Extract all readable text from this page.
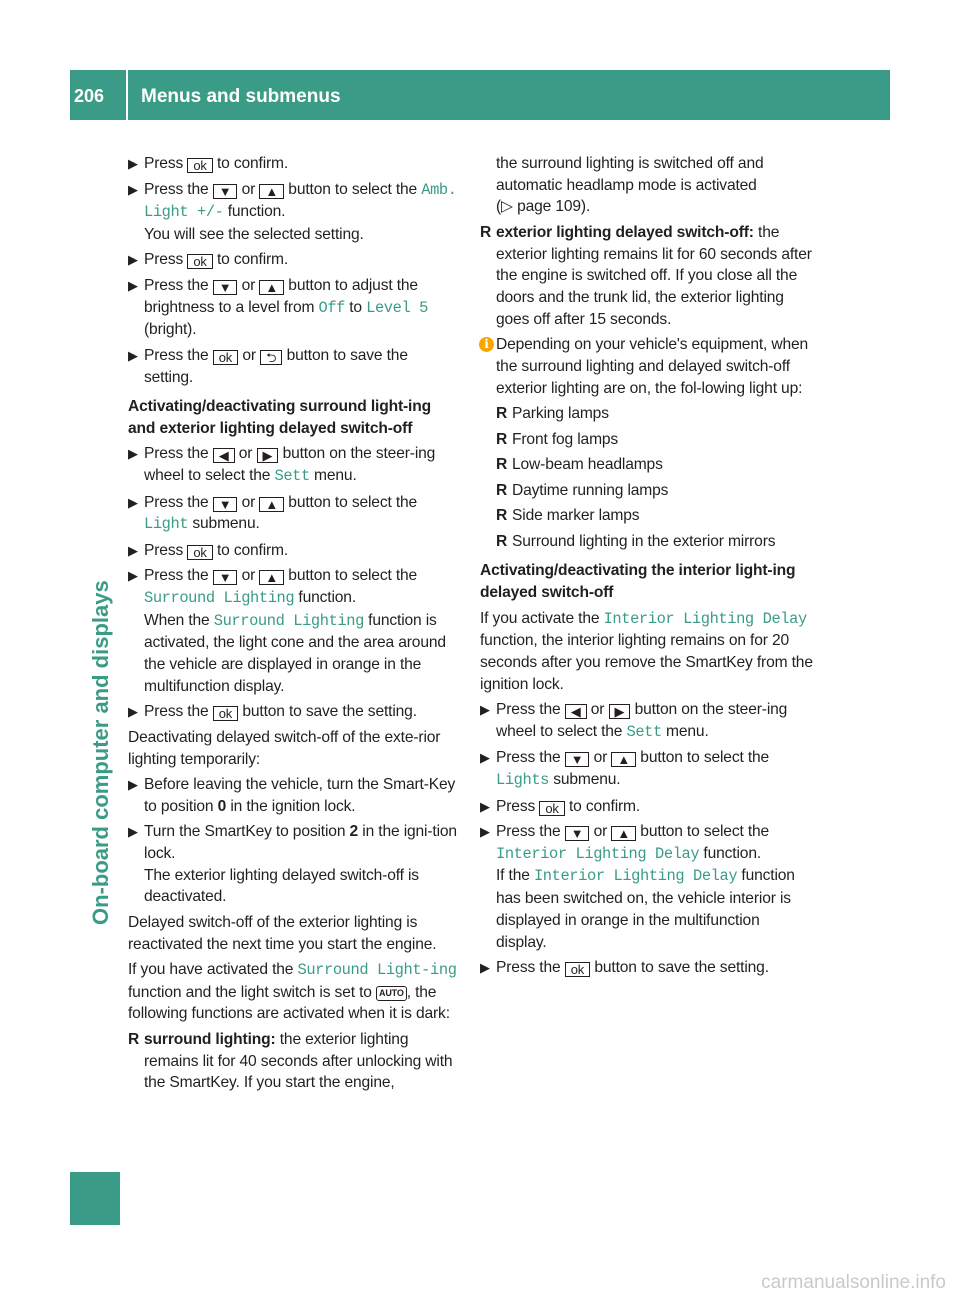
206	Menus and submenus
On-board computer and displays
▶ Press ok to confirm.
▶ Press the ▼ or ▲ button to select the Amb. Light +/- function.
You will see the selected setting.
▶ Press ok to confirm.
▶ Press the ▼ or ▲ button to adjust the brightness to a level from Off to Level 5
(bright).
▶ Press the ok or ⮌ button to save the setting.
Activating/deactivating surround light-ing and exterior lighting delayed switch-off
▶ Press the ◀ or ▶ button on the steer-ing wheel to select the Sett menu.
▶ Press the ▼ or ▲ button to select the Light submenu.
▶ Press ok to confirm.
▶ Press the ▼ or ▲ button to select the Surround Lighting function.
When the Surround Lighting function is activated, the light cone and the area around the vehicle are displayed in orange in the multifunction display.
▶ Press the ok button to save the setting.
Deactivating delayed switch-off of the exte-rior lighting temporarily:
▶ Before leaving the vehicle, turn the Smart-Key to position 0 in the ignition lock.
▶ Turn the SmartKey to position 2 in the igni-tion lock.
The exterior lighting delayed switch-off is deactivated.
Delayed switch-off of the exterior lighting is reactivated the next time you start the engine.
If you have activated the Surround Light‐ing function and the light switch is set to AUTO , the following functions are activated when it is dark:
R surround lighting: the exterior lighting remains lit for 40 seconds after unlocking with the SmartKey. If you start the engine,
the surround lighting is switched off and automatic headlamp mode is activated
(▷ page 109).
R exterior lighting delayed switch-off: the exterior lighting remains lit for 60 seconds after the engine is switched off. If you close all the doors and the trunk lid, the exterior lighting goes off after 15 seconds.
i Depending on your vehicle's equipment, when the surround lighting and delayed switch-off exterior lighting are on, the fol-lowing light up:
R Parking lamps
R Front fog lamps
R Low-beam headlamps
R Daytime running lamps
R Side marker lamps
R Surround lighting in the exterior mirrors
Activating/deactivating the interior light-ing delayed switch-off
If you activate the Interior Lighting Delay function, the interior lighting remains on for 20 seconds after you remove the SmartKey from the ignition lock.
▶ Press the ◀ or ▶ button on the steer-ing wheel to select the Sett menu.
▶ Press the ▼ or ▲ button to select the Lights submenu.
▶ Press ok to confirm.
▶ Press the ▼ or ▲ button to select the Interior Lighting Delay function.
If the Interior Lighting Delay function has been switched on, the vehicle interior is displayed in orange in the multifunction display.
▶ Press the ok button to save the setting.
carmanualsonline.info
